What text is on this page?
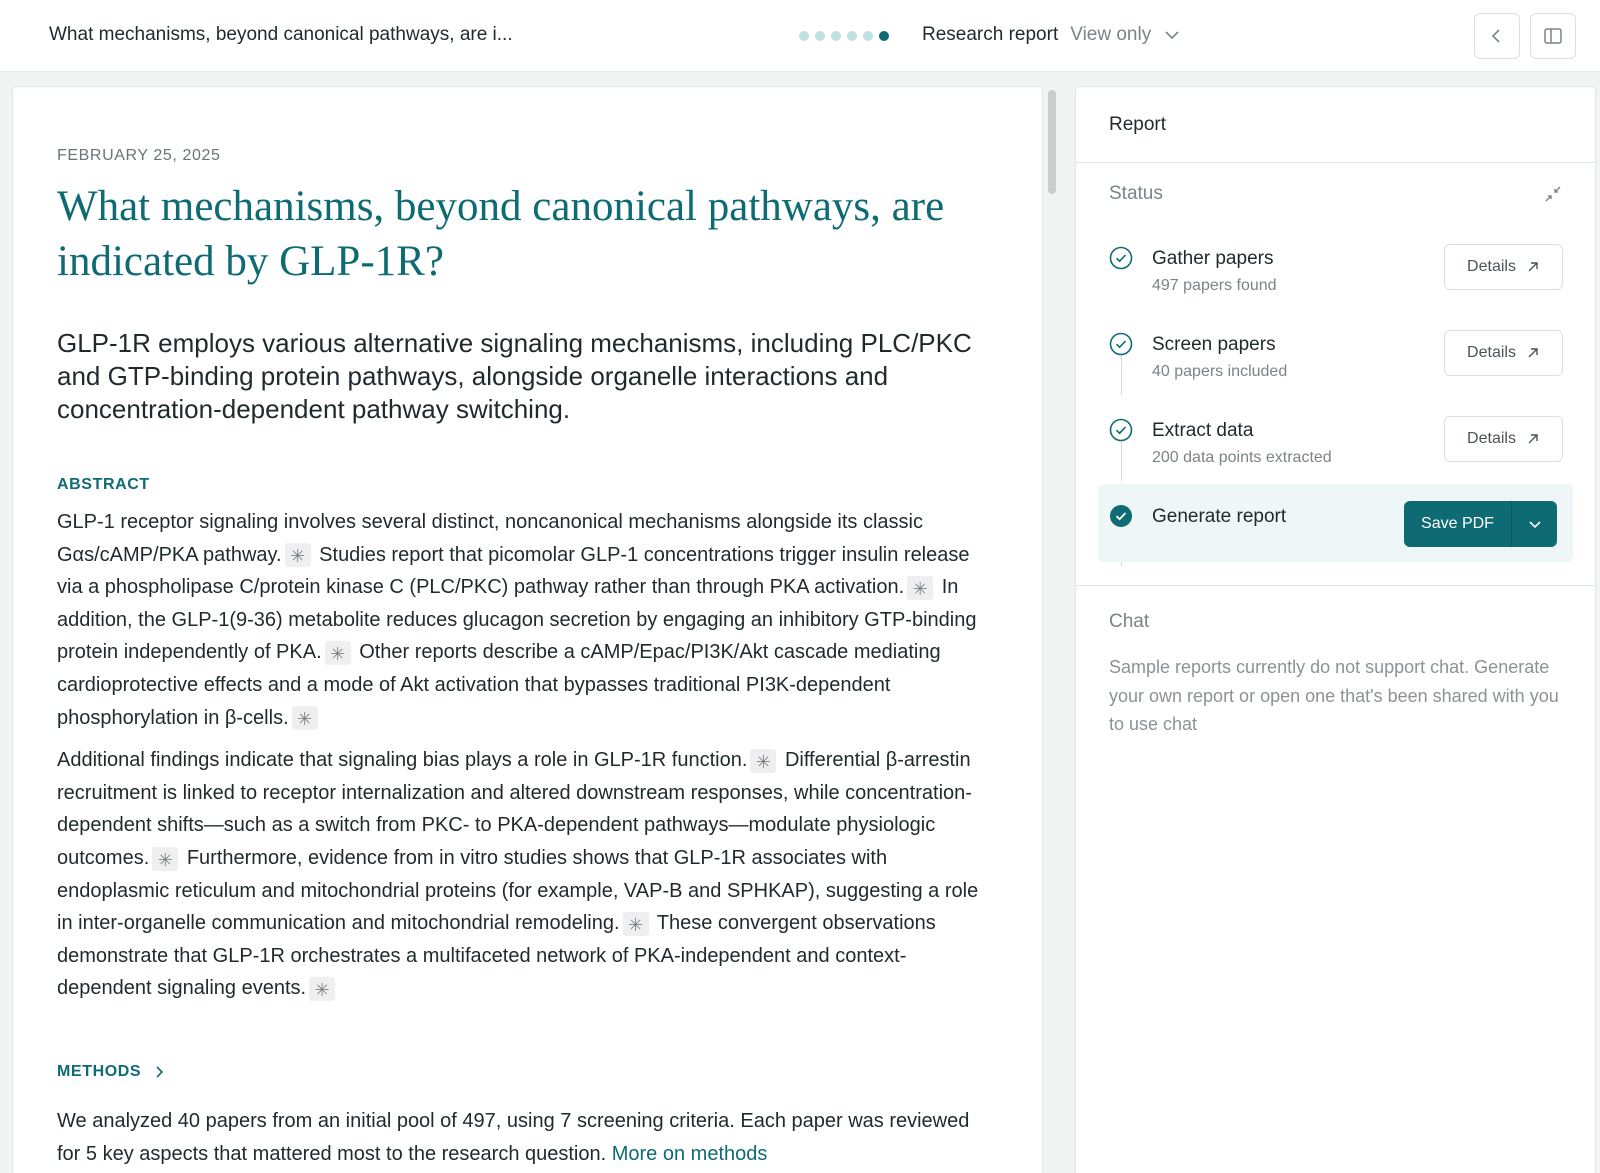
What mechanisms, beyond canonical pathways, are i...	Research report View only
FEBRUARY 25, 2025
What mechanisms, beyond canonical pathways, are indicated by GLP-1R?

GLP-1R employs various alternative signaling mechanisms, including PLC/PKC and GTP-binding protein pathways, alongside organelle interactions and concentration-dependent pathway switching.

ABSTRACT

GLP-1 receptor signaling involves several distinct, noncanonical mechanisms alongside its classic Gαs/cAMP/PKA pathway. ✳ Studies report that picomolar GLP-1 concentrations trigger insulin release via a phospholipase C/protein kinase C (PLC/PKC) pathway rather than through PKA activation. ✳ In addition, the GLP-1(9-36) metabolite reduces glucagon secretion by engaging an inhibitory GTP-binding protein independently of PKA. ✳ Other reports describe a cAMP/Epac/PI3K/Akt cascade mediating cardioprotective effects and a mode of Akt activation that bypasses traditional PI3K-dependent phosphorylation in β-cells. ✳

Additional findings indicate that signaling bias plays a role in GLP-1R function. ✳ Differential β-arrestin recruitment is linked to receptor internalization and altered downstream responses, while concentration-dependent shifts—such as a switch from PKC- to PKA-dependent pathways—modulate physiologic outcomes. ✳ Furthermore, evidence from in vitro studies shows that GLP-1R associates with endoplasmic reticulum and mitochondrial proteins (for example, VAP-B and SPHKAP), suggesting a role in inter-organelle communication and mitochondrial remodeling. ✳ These convergent observations demonstrate that GLP-1R orchestrates a multifaceted network of PKA-independent and context-dependent signaling events. ✳

METHODS

We analyzed 40 papers from an initial pool of 497, using 7 screening criteria. Each paper was reviewed for 5 key aspects that mattered most to the research question. More on methods

Report
Status
Gather papers
497 papers found
Details
Screen papers
40 papers included
Details
Extract data
200 data points extracted
Details
Generate report	Save PDF
Chat

Sample reports currently do not support chat. Generate your own report or open one that's been shared with you to use chat
